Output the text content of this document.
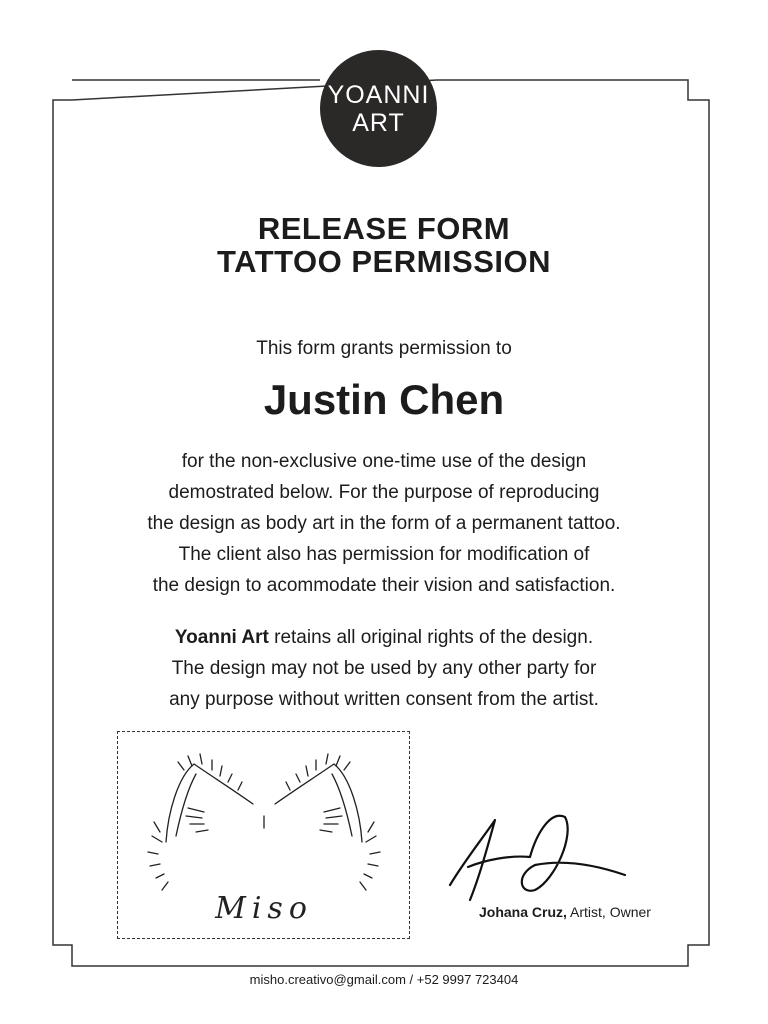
YOANNI
ART
RELEASE FORM
TATTOO PERMISSION
This form grants permission to
Justin Chen
for the non-exclusive one-time use of the design
demostrated below. For the purpose of reproducing
the design as body art in the form of a permanent tattoo.
The client also has permission for modification of
the design to acommodate their vision and satisfaction.
Yoanni Art retains all original rights of the design.
The design may not be used by any other party for
any purpose without written consent from the artist.
Miso	Johana Cruz, Artist, Owner
misho.creativo@gmail.com / +52 9997 723404
